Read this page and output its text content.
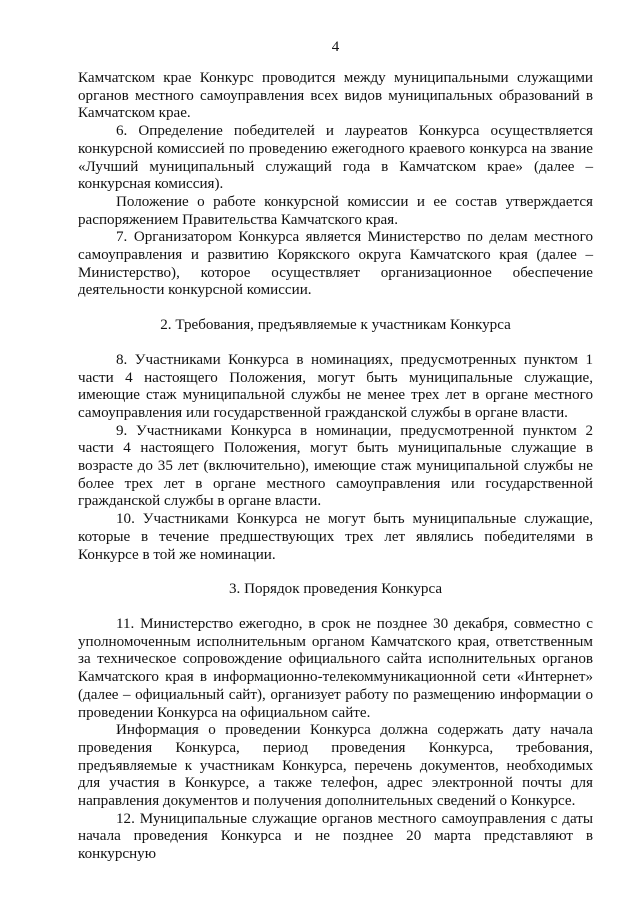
4

Камчатском крае Конкурс проводится между муниципальными служащими органов местного самоуправления всех видов муниципальных образований в Камчатском крае.

6. Определение победителей и лауреатов Конкурса осуществляется конкурсной комиссией по проведению ежегодного краевого конкурса на звание «Лучший муниципальный служащий года в Камчатском крае» (далее – конкурсная комиссия).

Положение о работе конкурсной комиссии и ее состав утверждается распоряжением Правительства Камчатского края.

7. Организатором Конкурса является Министерство по делам местного самоуправления и развитию Корякского округа Камчатского края (далее – Министерство), которое осуществляет организационное обеспечение деятельности конкурсной комиссии.

2. Требования, предъявляемые к участникам Конкурса

8. Участниками Конкурса в номинациях, предусмотренных пунктом 1 части 4 настоящего Положения, могут быть муниципальные служащие, имеющие стаж муниципальной службы не менее трех лет в органе местного самоуправления или государственной гражданской службы в органе власти.

9. Участниками Конкурса в номинации, предусмотренной пунктом 2 части 4 настоящего Положения, могут быть муниципальные служащие в возрасте до 35 лет (включительно), имеющие стаж муниципальной службы не более трех лет в органе местного самоуправления или государственной гражданской службы в органе власти.

10. Участниками Конкурса не могут быть муниципальные служащие, которые в течение предшествующих трех лет являлись победителями в Конкурсе в той же номинации.

3. Порядок проведения Конкурса

11. Министерство ежегодно, в срок не позднее 30 декабря, совместно с уполномоченным исполнительным органом Камчатского края, ответственным за техническое сопровождение официального сайта исполнительных органов Камчатского края в информационно-телекоммуникационной сети «Интернет» (далее – официальный сайт), организует работу по размещению информации о проведении Конкурса на официальном сайте.

Информация о проведении Конкурса должна содержать дату начала проведения Конкурса, период проведения Конкурса, требования, предъявляемые к участникам Конкурса, перечень документов, необходимых для участия в Конкурсе, а также телефон, адрес электронной почты для направления документов и получения дополнительных сведений о Конкурсе.

12. Муниципальные служащие органов местного самоуправления с даты начала проведения Конкурса и не позднее 20 марта представляют в конкурсную
